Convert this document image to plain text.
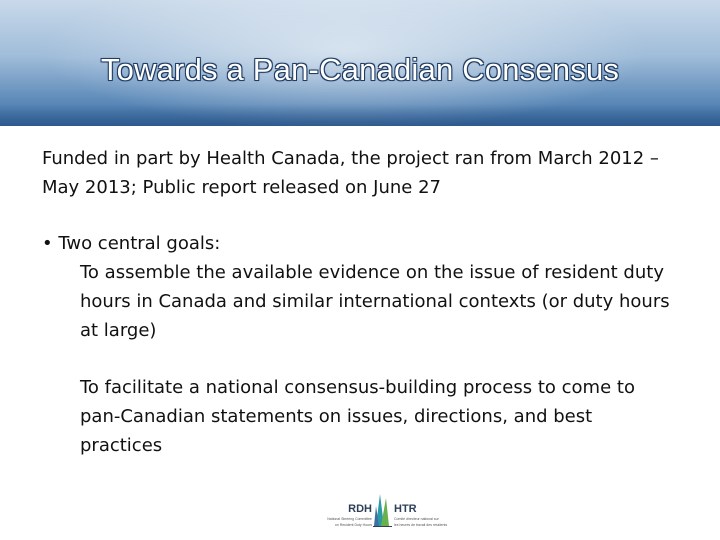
Towards a Pan-Canadian Consensus

Funded in part by Health Canada, the project ran from March 2012 – May 2013; Public report released on June 27

• Two central goals:

To assemble the available evidence on the issue of resident duty hours in Canada and similar international contexts (or duty hours at large)

To facilitate a national consensus-building process to come to pan-Canadian statements on issues, directions, and best practices

RDH
National Steering Committee
on Resident Duty Hours
HTR
Comité directeur national sur
les heures de travail des résidents
